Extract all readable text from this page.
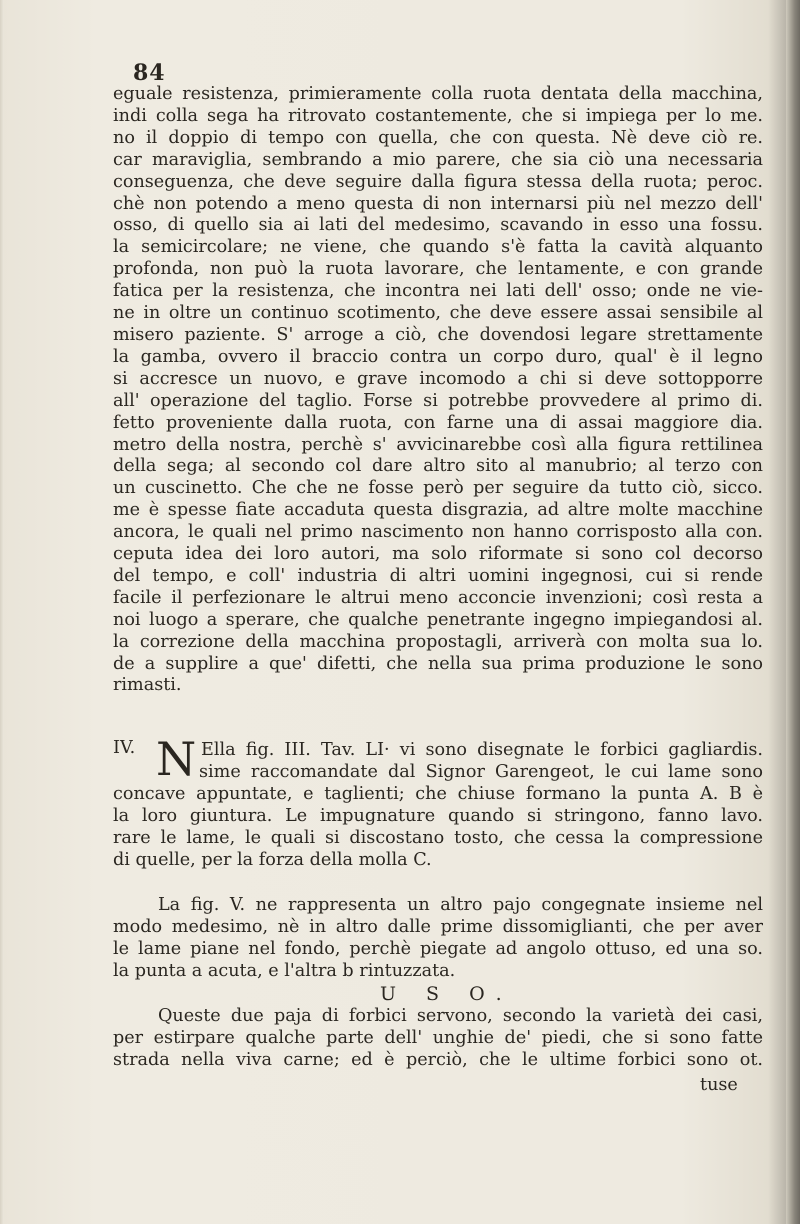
84
eguale resistenza, primieramente colla ruota dentata della macchina,
indi colla sega ha ritrovato costantemente, che si impiega per lo me.
no il doppio di tempo con quella, che con questa. Nè deve ciò re.
car maraviglia, sembrando a mio parere, che sia ciò una necessaria
conseguenza, che deve seguire dalla figura stessa della ruota; peroc.
chè non potendo a meno questa di non internarsi più nel mezzo dell'
osso, di quello sia ai lati del medesimo, scavando in esso una fossu.
la semicircolare; ne viene, che quando s'è fatta la cavità alquanto
profonda, non può la ruota lavorare, che lentamente, e con grande
fatica per la resistenza, che incontra nei lati dell' osso; onde ne vie-
ne in oltre un continuo scotimento, che deve essere assai sensibile al
misero paziente. S' arroge a ciò, che dovendosi legare strettamente
la gamba, ovvero il braccio contra un corpo duro, qual' è il legno
si accresce un nuovo, e grave incomodo a chi si deve sottopporre
all' operazione del taglio. Forse si potrebbe provvedere al primo di.
fetto proveniente dalla ruota, con farne una di assai maggiore dia.
metro della nostra, perchè s' avvicinarebbe così alla figura rettilinea
della sega; al secondo col dare altro sito al manubrio; al terzo con
un cuscinetto. Che che ne fosse però per seguire da tutto ciò, sicco.
me è spesse fiate accaduta questa disgrazia, ad altre molte macchine
ancora, le quali nel primo nascimento non hanno corrisposto alla con.
ceputa idea dei loro autori, ma solo riformate si sono col decorso
del tempo, e coll' industria di altri uomini ingegnosi, cui si rende
facile il perfezionare le altrui meno acconcie invenzioni; così resta a
noi luogo a sperare, che qualche penetrante ingegno impiegandosi al.
la correzione della macchina propostagli, arriverà con molta sua lo.
de a supplire a que' difetti, che nella sua prima produzione le sono
rimasti.
IV. N Ella fig. III. Tav. LI· vi sono disegnate le forbici gagliardis.
sime raccomandate dal Signor Garengeot, le cui lame sono
concave appuntate, e taglienti; che chiuse formano la punta A. B è
la loro giuntura. Le impugnature quando si stringono, fanno lavo.
rare le lame, le quali si discostano tosto, che cessa la compressione
di quelle, per la forza della molla C.
La fig. V. ne rappresenta un altro pajo congegnate insieme nel
modo medesimo, nè in altro dalle prime dissomiglianti, che per aver
le lame piane nel fondo, perchè piegate ad angolo ottuso, ed una so.
la punta a acuta, e l'altra b rintuzzata.
U S O.
Queste due paja di forbici servono, secondo la varietà dei casi,
per estirpare qualche parte dell' unghie de' piedi, che si sono fatte
strada nella viva carne; ed è perciò, che le ultime forbici sono ot.
tuse
